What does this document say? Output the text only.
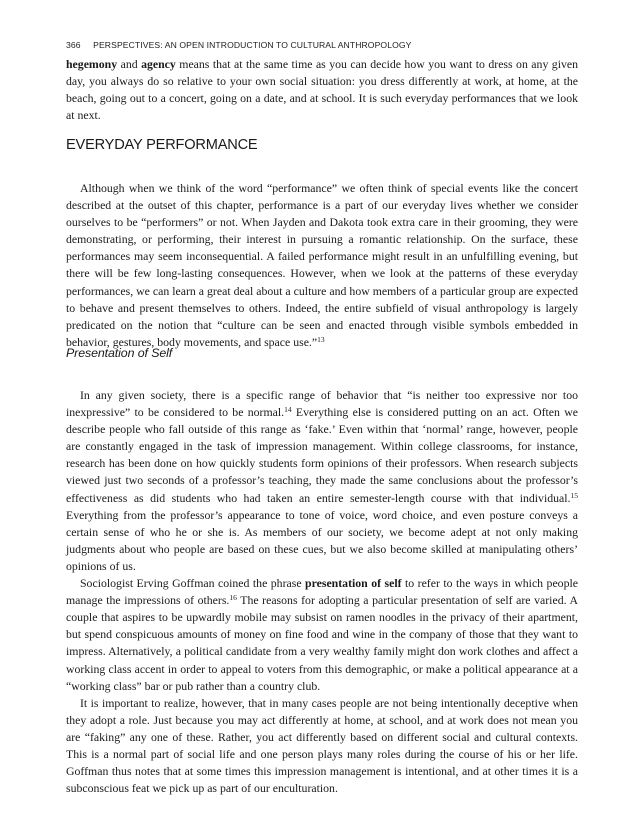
366 PERSPECTIVES: AN OPEN INTRODUCTION TO CULTURAL ANTHROPOLOGY

hegemony and agency means that at the same time as you can decide how you want to dress on any given day, you always do so relative to your own social situation: you dress differently at work, at home, at the beach, going out to a concert, going on a date, and at school. It is such everyday performances that we look at next.

EVERYDAY PERFORMANCE

Although when we think of the word “performance” we often think of special events like the concert described at the outset of this chapter, performance is a part of our everyday lives whether we consider ourselves to be “performers” or not. When Jayden and Dakota took extra care in their grooming, they were demonstrating, or performing, their interest in pursuing a romantic relationship. On the surface, these performances may seem inconsequential. A failed performance might result in an unfulfilling evening, but there will be few long-lasting consequences. However, when we look at the patterns of these everyday performances, we can learn a great deal about a culture and how members of a particular group are expected to behave and present themselves to others. Indeed, the entire subfield of visual anthropology is largely predicated on the notion that “culture can be seen and enacted through visible symbols embedded in behavior, gestures, body movements, and space use.”$^{13}$

Presentation of Self

In any given society, there is a specific range of behavior that “is neither too expressive nor too inexpressive” to be considered to be normal.$^{14}$ Everything else is considered putting on an act. Often we describe people who fall outside of this range as ‘fake.’ Even within that ‘normal’ range, however, people are constantly engaged in the task of impression management. Within college classrooms, for instance, research has been done on how quickly students form opinions of their professors. When research subjects viewed just two seconds of a professor’s teaching, they made the same conclusions about the professor’s effectiveness as did students who had taken an entire semester-length course with that individual.$^{15}$ Everything from the professor’s appearance to tone of voice, word choice, and even posture conveys a certain sense of who he or she is. As members of our society, we become adept at not only making judgments about who people are based on these cues, but we also become skilled at manipulating others’ opinions of us.

Sociologist Erving Goffman coined the phrase presentation of self to refer to the ways in which people manage the impressions of others.$^{16}$ The reasons for adopting a particular presentation of self are varied. A couple that aspires to be upwardly mobile may subsist on ramen noodles in the privacy of their apartment, but spend conspicuous amounts of money on fine food and wine in the company of those that they want to impress. Alternatively, a political candidate from a very wealthy family might don work clothes and affect a working class accent in order to appeal to voters from this demographic, or make a political appearance at a “working class” bar or pub rather than a country club.

It is important to realize, however, that in many cases people are not being intentionally deceptive when they adopt a role. Just because you may act differently at home, at school, and at work does not mean you are “faking” any one of these. Rather, you act differently based on different social and cultural contexts. This is a normal part of social life and one person plays many roles during the course of his or her life. Goffman thus notes that at some times this impression management is intentional, and at other times it is a subconscious feat we pick up as part of our enculturation.
